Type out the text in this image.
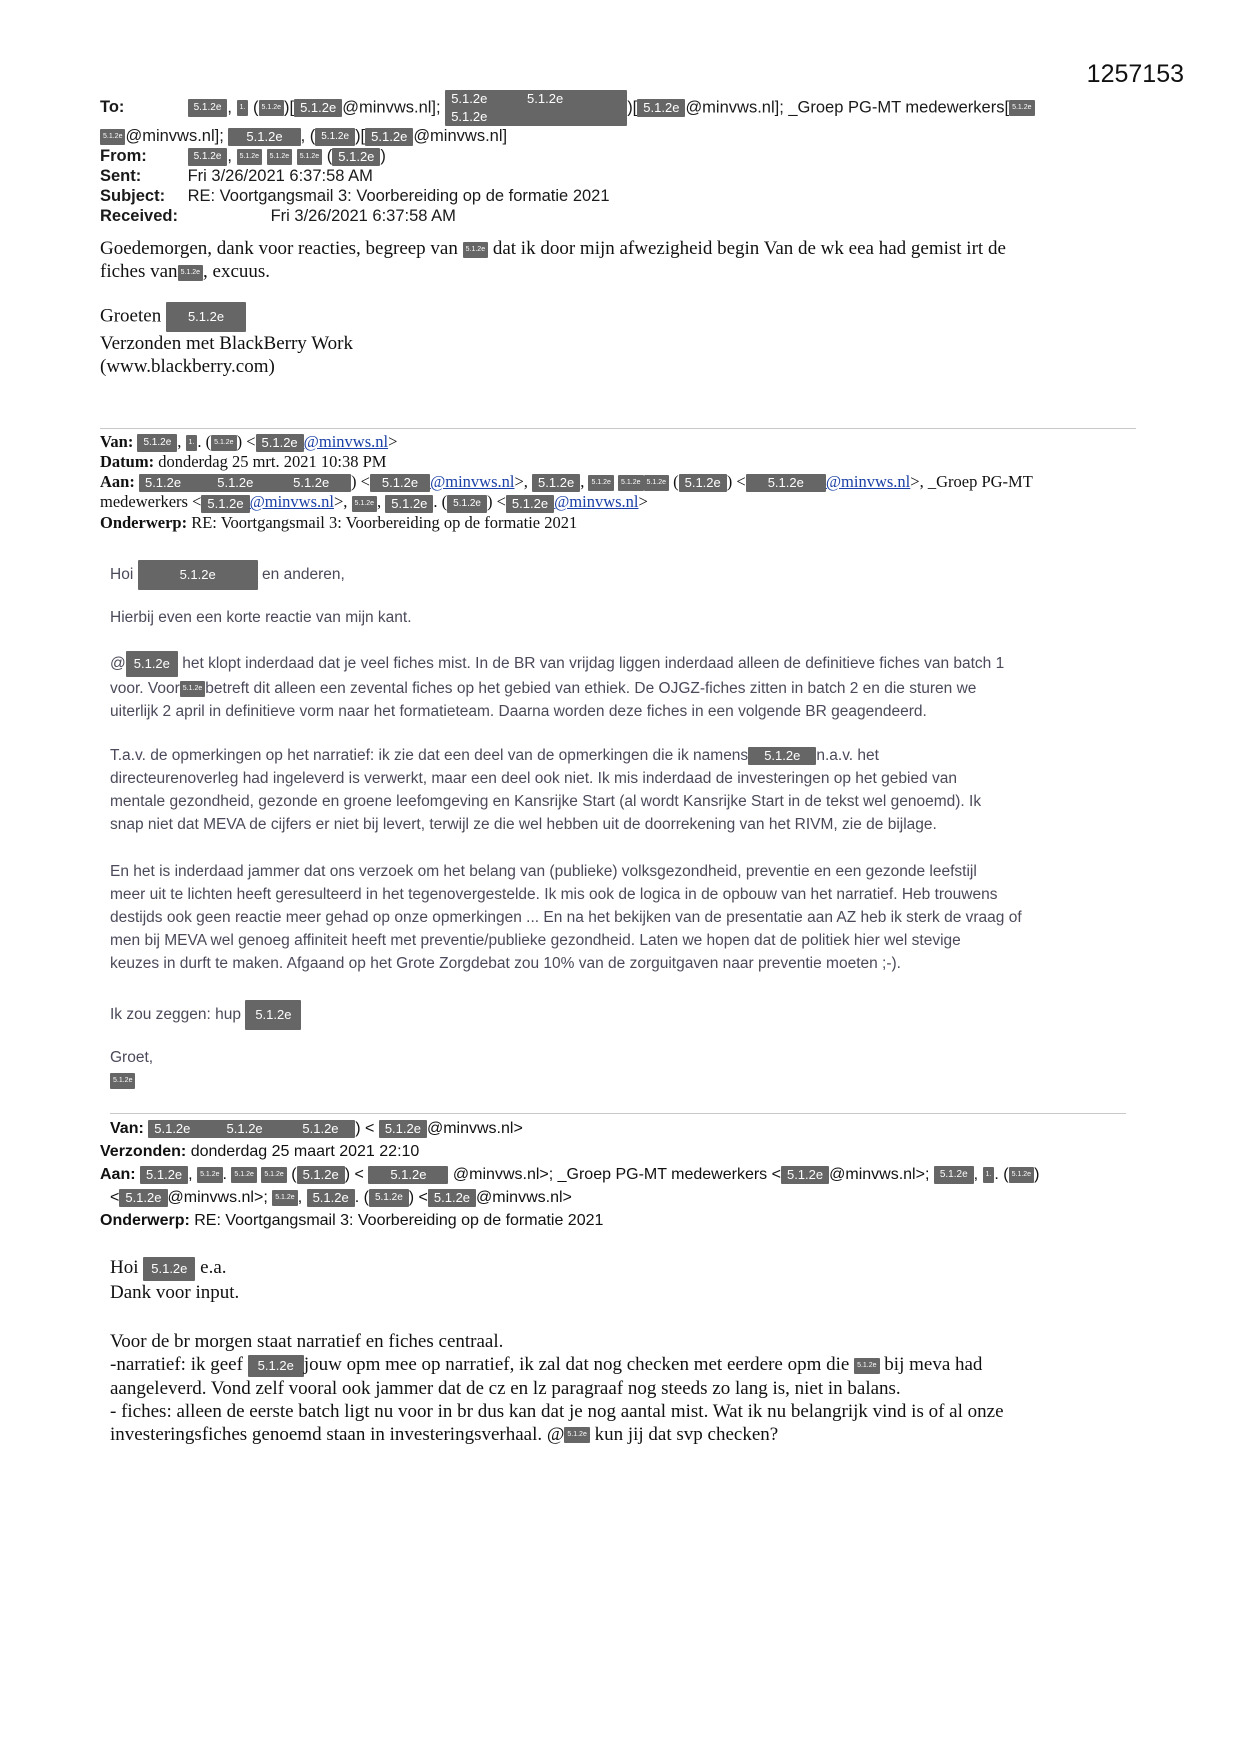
1257153
To:	5.1.2e , 1. ( 5.1.2e )[ 5.1.2e @minvws.nl]; 5.1.2e           5.1.2e           5.1.2e)[ 5.1.2e @minvws.nl]; _Groep PG-MT medewerkers[ 5.1.2e
5.1.2e @minvws.nl]; 5.1.2e , ( 5.1.2e )[ 5.1.2e @minvws.nl]
From:	5.1.2e , 5.1.2e 5.1.2e 5.1.2e ( 5.1.2e )
Sent:	Fri 3/26/2021 6:37:58 AM
Subject: RE: Voortgangsmail 3: Voorbereiding op de formatie 2021
Received:	Fri 3/26/2021 6:37:58 AM
Goedemorgen, dank voor reacties, begreep van 5.1.2e dat ik door mijn afwezigheid begin Van de wk eea had gemist irt de
fiches van 5.1.2e , excuus.
Groeten 5.1.2e
Verzonden met BlackBerry Work
(www.blackberry.com)
Van: 5.1.2e , 1. . ( 5.1.2e ) < 5.1.2e @minvws.nl>
Datum: donderdag 25 mrt. 2021 10:38 PM
Aan: 5.1.2e          5.1.2e           5.1.2e ) < 5.1.2e @minvws.nl>, 5.1.2e , 5.1.2e 5.1.2e 5.1.2e ( 5.1.2e ) < 5.1.2e @minvws.nl>, _Groep PG-MT
medewerkers < 5.1.2e @minvws.nl>, 5.1.2e , 5.1.2e . ( 5.1.2e ) < 5.1.2e @minvws.nl>
Onderwerp: RE: Voortgangsmail 3: Voorbereiding op de formatie 2021
Hoi	5.1.2e	en anderen,
Hierbij even een korte reactie van mijn kant.
@ 5.1.2e het klopt inderdaad dat je veel fiches mist. In de BR van vrijdag liggen inderdaad alleen de definitieve fiches van batch 1
voor. Voor 5.1.2e betreft dit alleen een zevental fiches op het gebied van ethiek. De OJGZ-fiches zitten in batch 2 en die sturen we
uiterlijk 2 april in definitieve vorm naar het formatieteam. Daarna worden deze fiches in een volgende BR geagendeerd.
T.a.v. de opmerkingen op het narratief: ik zie dat een deel van de opmerkingen die ik namens 5.1.2e n.a.v. het
directeurenoverleg had ingeleverd is verwerkt, maar een deel ook niet. Ik mis inderdaad de investeringen op het gebied van
mentale gezondheid, gezonde en groene leefomgeving en Kansrijke Start (al wordt Kansrijke Start in de tekst wel genoemd). Ik
snap niet dat MEVA de cijfers er niet bij levert, terwijl ze die wel hebben uit de doorrekening van het RIVM, zie de bijlage.
En het is inderdaad jammer dat ons verzoek om het belang van (publieke) volksgezondheid, preventie en een gezonde leefstijl
meer uit te lichten heeft geresulteerd in het tegenovergestelde. Ik mis ook de logica in de opbouw van het narratief. Heb trouwens
destijds ook geen reactie meer gehad op onze opmerkingen ... En na het bekijken van de presentatie aan AZ heb ik sterk de vraag of
men bij MEVA wel genoeg affiniteit heeft met preventie/publieke gezondheid. Laten we hopen dat de politiek hier wel stevige
keuzes in durft te maken. Afgaand op het Grote Zorgdebat zou 10% van de zorguitgaven naar preventie moeten ;-).
Ik zou zeggen: hup 5.1.2e
Groet,
5.1.2e
Van: 5.1.2e          5.1.2e           5.1.2e ) < 5.1.2e @minvws.nl>
Verzonden: donderdag 25 maart 2021 22:10
Aan: 5.1.2e , 5.1.2e . 5.1.2e 5.1.2e ( 5.1.2e ) < 5.1.2e @minvws.nl>; _Groep PG-MT medewerkers < 5.1.2e @minvws.nl>; 5.1.2e , 1. . ( 5.1.2e )
< 5.1.2e @minvws.nl>; 5.1.2e , 5.1.2e . ( 5.1.2e ) < 5.1.2e @minvws.nl>
Onderwerp: RE: Voortgangsmail 3: Voorbereiding op de formatie 2021
Hoi 5.1.2e e.a.
Dank voor input.
Voor de br morgen staat narratief en fiches centraal.
-narratief: ik geef 5.1.2e jouw opm mee op narratief, ik zal dat nog checken met eerdere opm die 5.1.2e bij meva had
aangeleverd. Vond zelf vooral ook jammer dat de cz en lz paragraaf nog steeds zo lang is, niet in balans.
- fiches: alleen de eerste batch ligt nu voor in br dus kan dat je nog aantal mist. Wat ik nu belangrijk vind is of al onze
investeringsfiches genoemd staan in investeringsverhaal. @ 5.1.2e kun jij dat svp checken?
